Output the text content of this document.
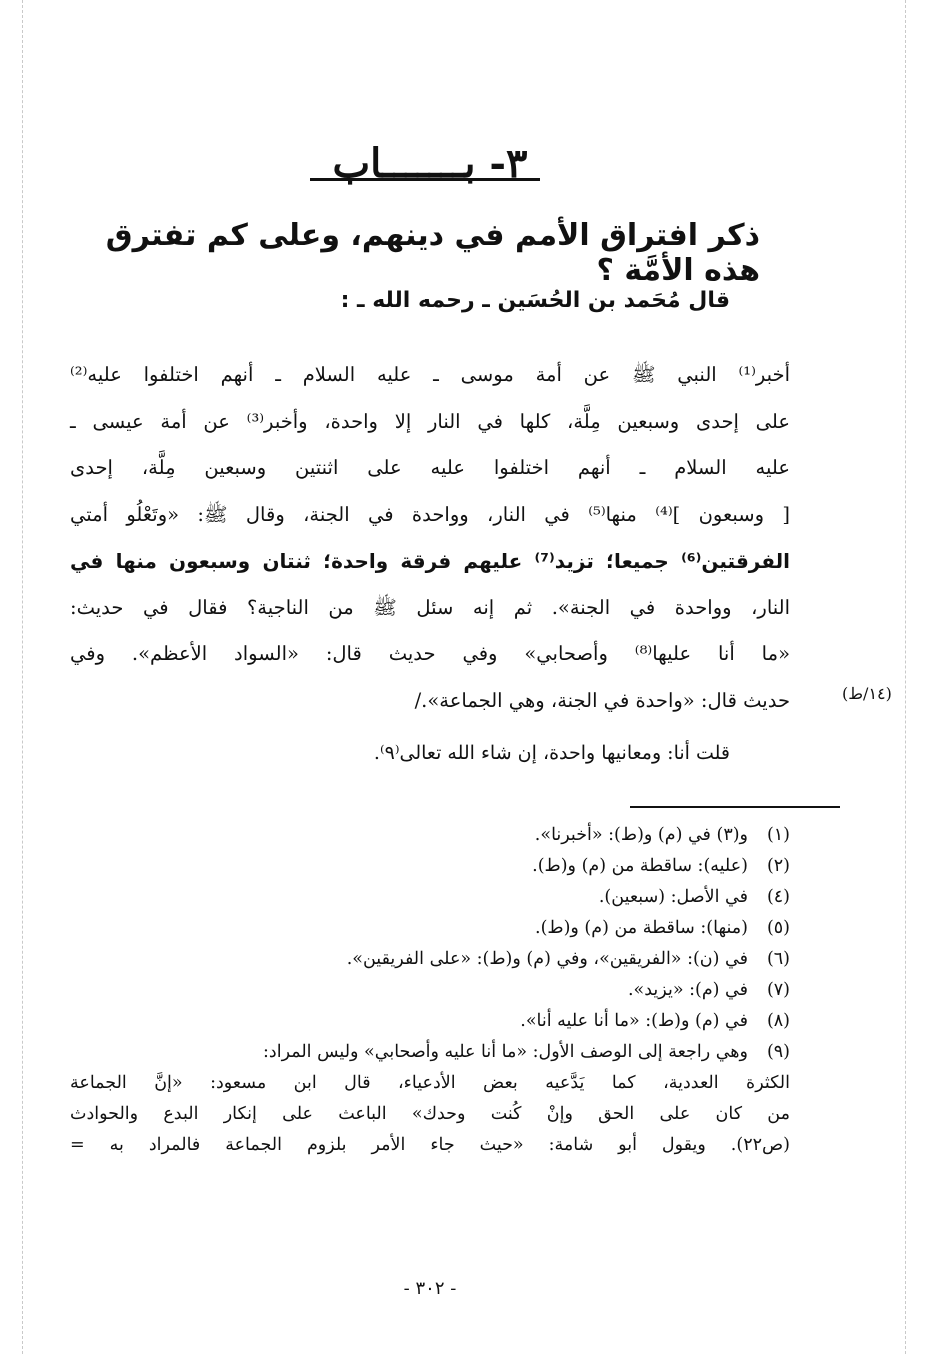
٣- بـــــــاب
ذكر افتراق الأمم في دينهم، وعلى كم تفترق هذه الأمَّة ؟
قال مُحَمد بن الحُسَين ـ رحمه الله ـ :
أخبر⁽¹⁾ النبي ﷺ عن أمة موسى ـ عليه السلام ـ أنهم اختلفوا عليه⁽²⁾
على إحدى وسبعين مِلَّة، كلها في النار إلا واحدة، وأخبر⁽³⁾ عن أمة عيسى ـ
عليه السلام ـ أنهم اختلفوا عليه على اثنتين وسبعين مِلَّة، إحدى
[ وسبعون ]⁽⁴⁾ منها⁽⁵⁾ في النار، وواحدة في الجنة، وقال ﷺ: «وتَعْلُو أمتي
الفرقتين⁽⁶⁾ جميعا؛ تزيد⁽⁷⁾ عليهم فرقة واحدة؛ ثنتان وسبعون منها في
النار، وواحدة في الجنة». ثم إنه سئل ﷺ من الناجية؟ فقال في حديث:
«ما أنا عليها⁽⁸⁾ وأصحابي» وفي حديث قال: «السواد الأعظم». وفي
حديث قال: «واحدة في الجنة، وهي الجماعة»./
قلت أنا: ومعانيها واحدة، إن شاء الله تعالى⁽٩⁾.
(١)و(٣) في (م) و(ط): «أخبرنا».
(٢)(عليه): ساقطة من (م) و(ط).
(٤)في الأصل: (سبعين).
(٥)(منها): ساقطة من (م) و(ط).
(٦)في (ن): «الفريقين»، وفي (م) و(ط): «على الفريقين».
(٧)في (م): «يزيد».
(٨)في (م) و(ط): «ما أنا عليه أنا».
(٩)وهي راجعة إلى الوصف الأول: «ما أنا عليه وأصحابي» وليس المراد:
الكثرة العددية، كما يَدَّعيه بعض الأدعياء، قال ابن مسعود: «إنَّ الجماعة
من كان على الحق وإنْ كُنت وحدك» الباعث على إنكار البدع والحوادث
(ص٢٢). ويقول أبو شامة: «حيث جاء الأمر بلزوم الجماعة فالمراد به =
- ٣٠٢ -
(١٤/ط)
